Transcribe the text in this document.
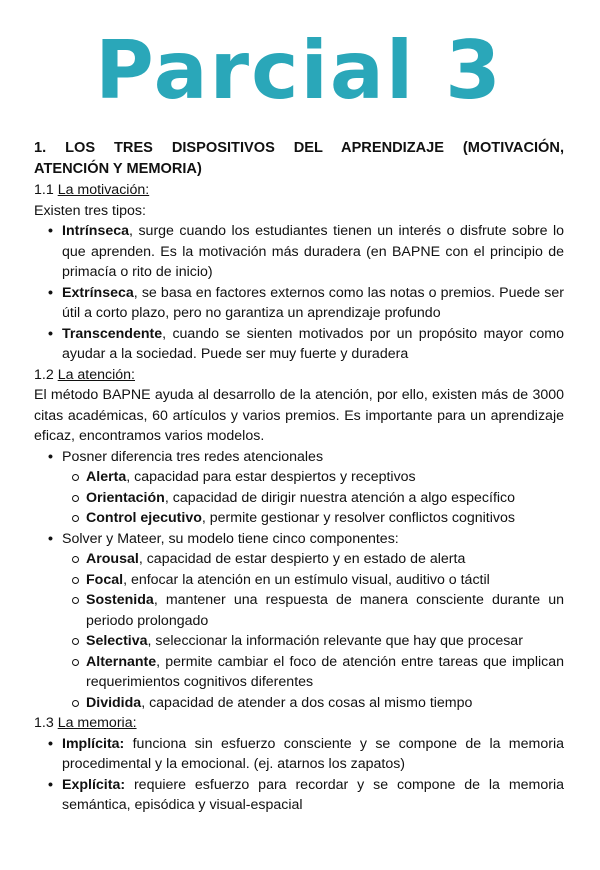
Parcial 3
1. LOS TRES DISPOSITIVOS DEL APRENDIZAJE (MOTIVACIÓN,
ATENCIÓN Y MEMORIA)
1.1 La motivación:
Existen tres tipos:
• Intrínseca, surge cuando los estudiantes tienen un interés o disfrute sobre lo que aprenden. Es la motivación más duradera (en BAPNE con el principio de primacía o rito de inicio)
• Extrínseca, se basa en factores externos como las notas o premios. Puede ser útil a corto plazo, pero no garantiza un aprendizaje profundo
• Transcendente, cuando se sienten motivados por un propósito mayor como ayudar a la sociedad. Puede ser muy fuerte y duradera
1.2 La atención:
El método BAPNE ayuda al desarrollo de la atención, por ello, existen más de 3000 citas académicas, 60 artículos y varios premios. Es importante para un aprendizaje eficaz, encontramos varios modelos.
• Posner diferencia tres redes atencionales
Alerta, capacidad para estar despiertos y receptivos
Orientación, capacidad de dirigir nuestra atención a algo específico
Control ejecutivo, permite gestionar y resolver conflictos cognitivos
• Solver y Mateer, su modelo tiene cinco componentes:
Arousal, capacidad de estar despierto y en estado de alerta
Focal, enfocar la atención en un estímulo visual, auditivo o táctil
Sostenida, mantener una respuesta de manera consciente durante un periodo prolongado
Selectiva, seleccionar la información relevante que hay que procesar
Alternante, permite cambiar el foco de atención entre tareas que implican requerimientos cognitivos diferentes
Dividida, capacidad de atender a dos cosas al mismo tiempo
1.3 La memoria:
• Implícita: funciona sin esfuerzo consciente y se compone de la memoria procedimental y la emocional. (ej. atarnos los zapatos)
• Explícita: requiere esfuerzo para recordar y se compone de la memoria semántica, episódica y visual-espacial
